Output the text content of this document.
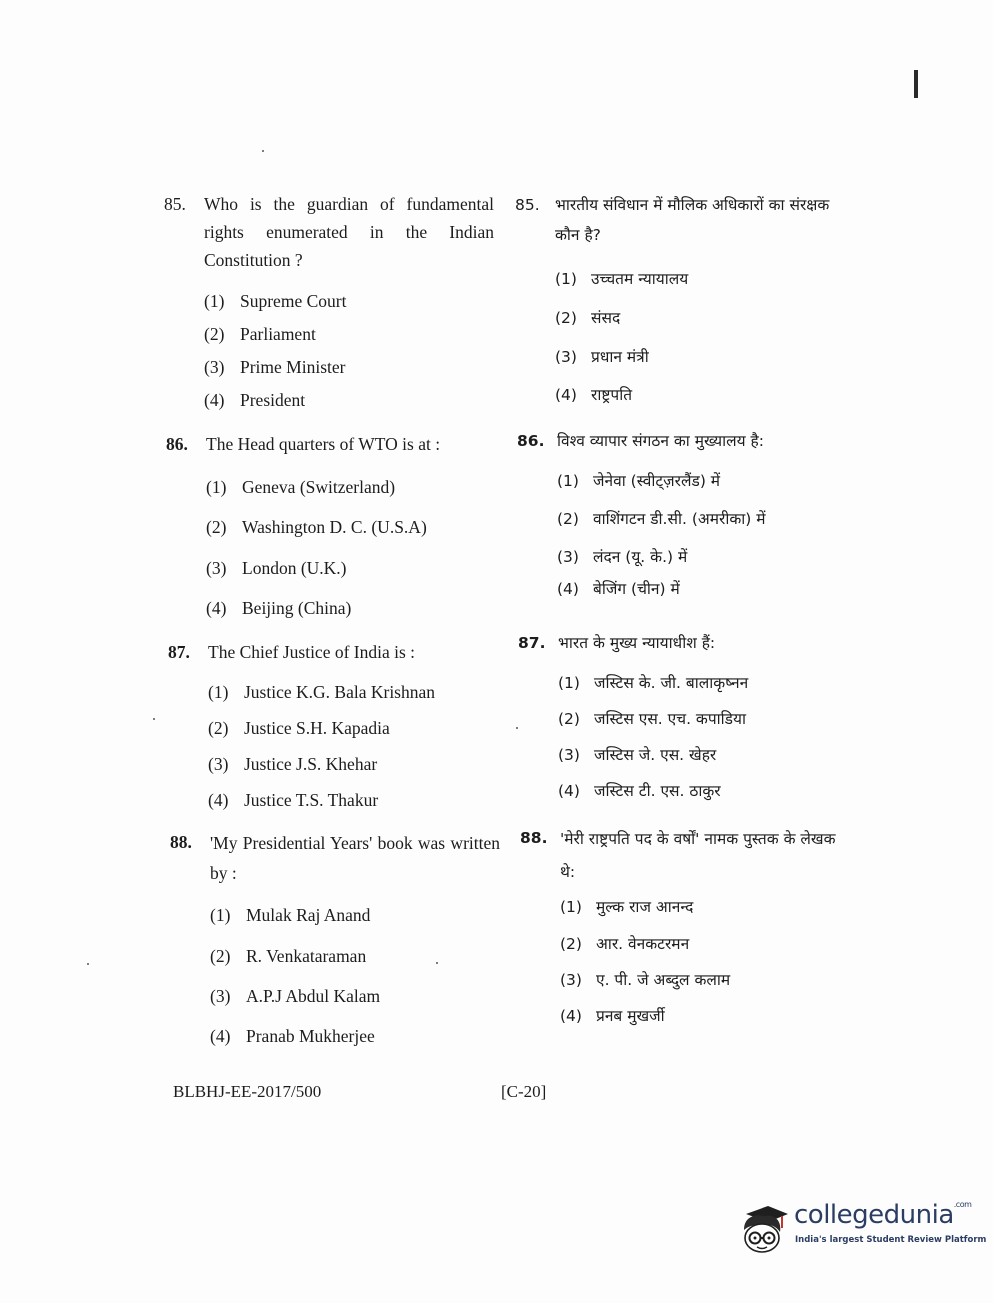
85. Who is the guardian of fundamental rights enumerated in the Indian Constitution ?
(1) Supreme Court
(2) Parliament
(3) Prime Minister
(4) President
86. The Head quarters of WTO is at :
(1) Geneva (Switzerland)
(2) Washington D. C. (U.S.A)
(3) London (U.K.)
(4) Beijing (China)
87. The Chief Justice of India is :
(1) Justice K.G. Bala Krishnan
(2) Justice S.H. Kapadia
(3) Justice J.S. Khehar
(4) Justice T.S. Thakur
88. 'My Presidential Years' book was written by :
(1) Mulak Raj Anand
(2) R. Venkataraman
(3) A.P.J Abdul Kalam
(4) Pranab Mukherjee
85. भारतीय संविधान में मौलिक अधिकारों का संरक्षक कौन है?
(1) उच्चतम न्यायालय
(2) संसद
(3) प्रधान मंत्री
(4) राष्ट्रपति
86. विश्व व्यापार संगठन का मुख्यालय है:
(1) जेनेवा (स्वीट्ज़रलैंड) में
(2) वाशिंगटन डी.सी. (अमरीका) में
(3) लंदन (यू. के.) में
(4) बेजिंग (चीन) में
87. भारत के मुख्य न्यायाधीश हैं:
(1) जस्टिस के. जी. बालाकृष्नन
(2) जस्टिस एस. एच. कपाडिया
(3) जस्टिस जे. एस. खेहर
(4) जस्टिस टी. एस. ठाकुर
88. 'मेरी राष्ट्रपति पद के वर्षों' नामक पुस्तक के लेखक थे:
(1) मुल्क राज आनन्द
(2) आर. वेनकटरमन
(3) ए. पी. जे अब्दुल कलाम
(4) प्रनब मुखर्जी
BLBHJ-EE-2017/500	[C-20]
collegedunia$^{.com}$
India's largest Student Review Platform
